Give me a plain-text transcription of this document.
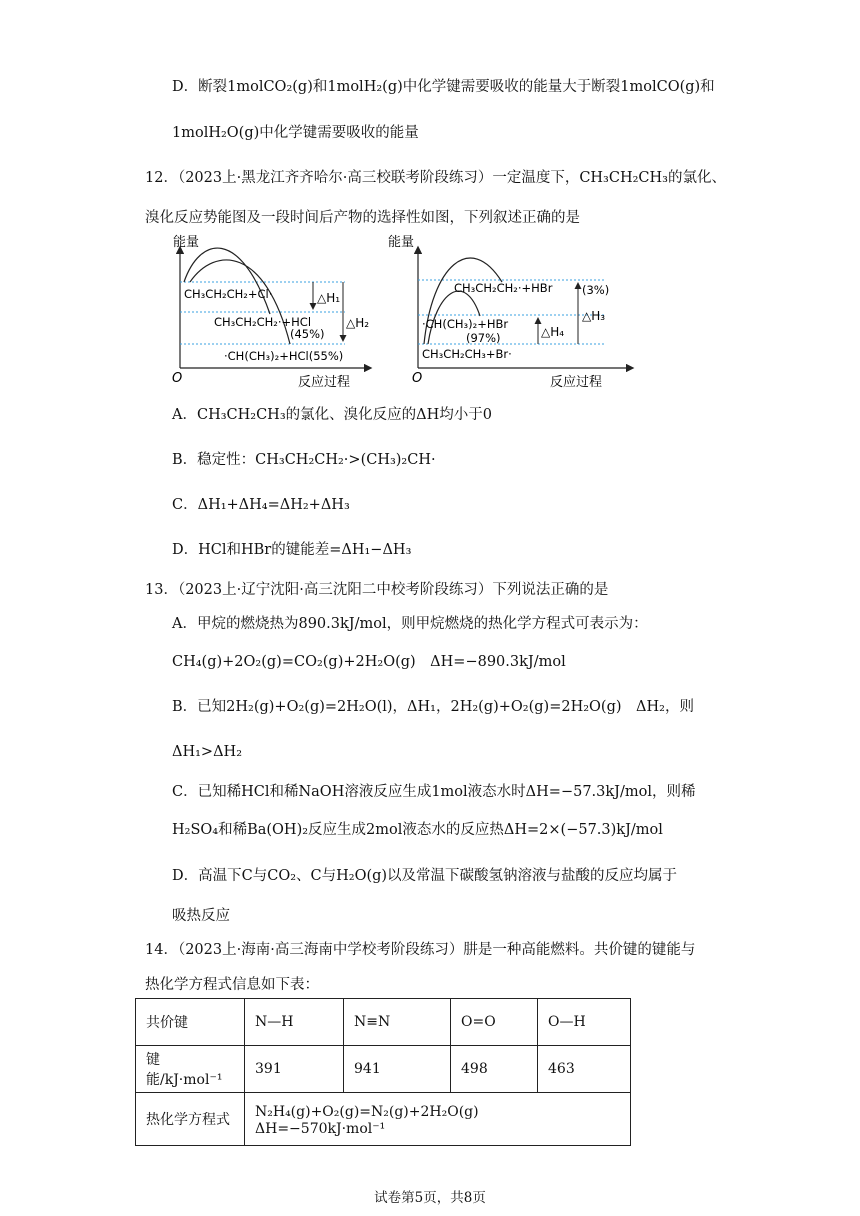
D．断裂1molCO₂(g)和1molH₂(g)中化学键需要吸收的能量大于断裂1molCO(g)和
1molH₂O(g)中化学键需要吸收的能量
12．（2023上·黑龙江齐齐哈尔·高三校联考阶段练习）一定温度下，CH₃CH₂CH₃的氯化、
溴化反应势能图及一段时间后产物的选择性如图，下列叙述正确的是
能量
O	反应过程
△H₁
△H₂
CH₃CH₂CH₂+Cl·
CH₃CH₂CH₂·+HCl
(45%)
·CH(CH₃)₂+HCl(55%)
能量
O	反应过程
△H₃
△H₄
CH₃CH₂CH₂·+HBr	(3%)
·CH(CH₃)₂+HBr
(97%)
CH₃CH₂CH₃+Br·
A．CH₃CH₂CH₃的氯化、溴化反应的ΔH均小于0
B．稳定性：CH₃CH₂CH₂·>(CH₃)₂CH·
C．ΔH₁+ΔH₄=ΔH₂+ΔH₃
D．HCl和HBr的键能差=ΔH₁−ΔH₃
13．（2023上·辽宁沈阳·高三沈阳二中校考阶段练习）下列说法正确的是
A．甲烷的燃烧热为890.3kJ/mol，则甲烷燃烧的热化学方程式可表示为：
CH₄(g)+2O₂(g)=CO₂(g)+2H₂O(g)　ΔH=−890.3kJ/mol
B．已知2H₂(g)+O₂(g)=2H₂O(l)，ΔH₁，2H₂(g)+O₂(g)=2H₂O(g)　ΔH₂，则
ΔH₁>ΔH₂
C．已知稀HCl和稀NaOH溶液反应生成1mol液态水时ΔH=−57.3kJ/mol，则稀
H₂SO₄和稀Ba(OH)₂反应生成2mol液态水的反应热ΔH=2×(−57.3)kJ/mol
D．高温下C与CO₂、C与H₂O(g)以及常温下碳酸氢钠溶液与盐酸的反应均属于
吸热反应
14．（2023上·海南·高三海南中学校考阶段练习）肼是一种高能燃料。共价键的键能与
热化学方程式信息如下表：
共价键	N—H	N≡N	O=O	O—H
键能/kJ·mol⁻¹	391	941	498	463
热化学方程式	N₂H₄(g)+O₂(g)=N₂(g)+2H₂O(g)　ΔH=−570kJ·mol⁻¹			
试卷第5页，共8页
